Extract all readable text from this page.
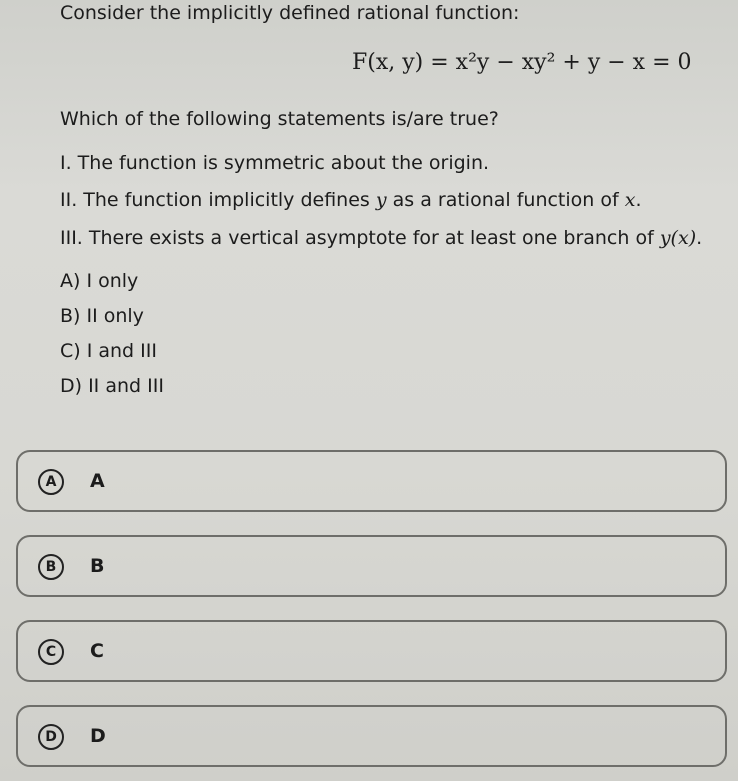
Consider the implicitly defined rational function:
F(x, y) = x²y − xy² + y − x = 0
Which of the following statements is/are true?
I. The function is symmetric about the origin.
II. The function implicitly defines y as a rational function of x.
III. There exists a vertical asymptote for at least one branch of y(x).
A) I only
B) II only
C) I and III
D) II and III
A	A
B	B
C	C
D	D
